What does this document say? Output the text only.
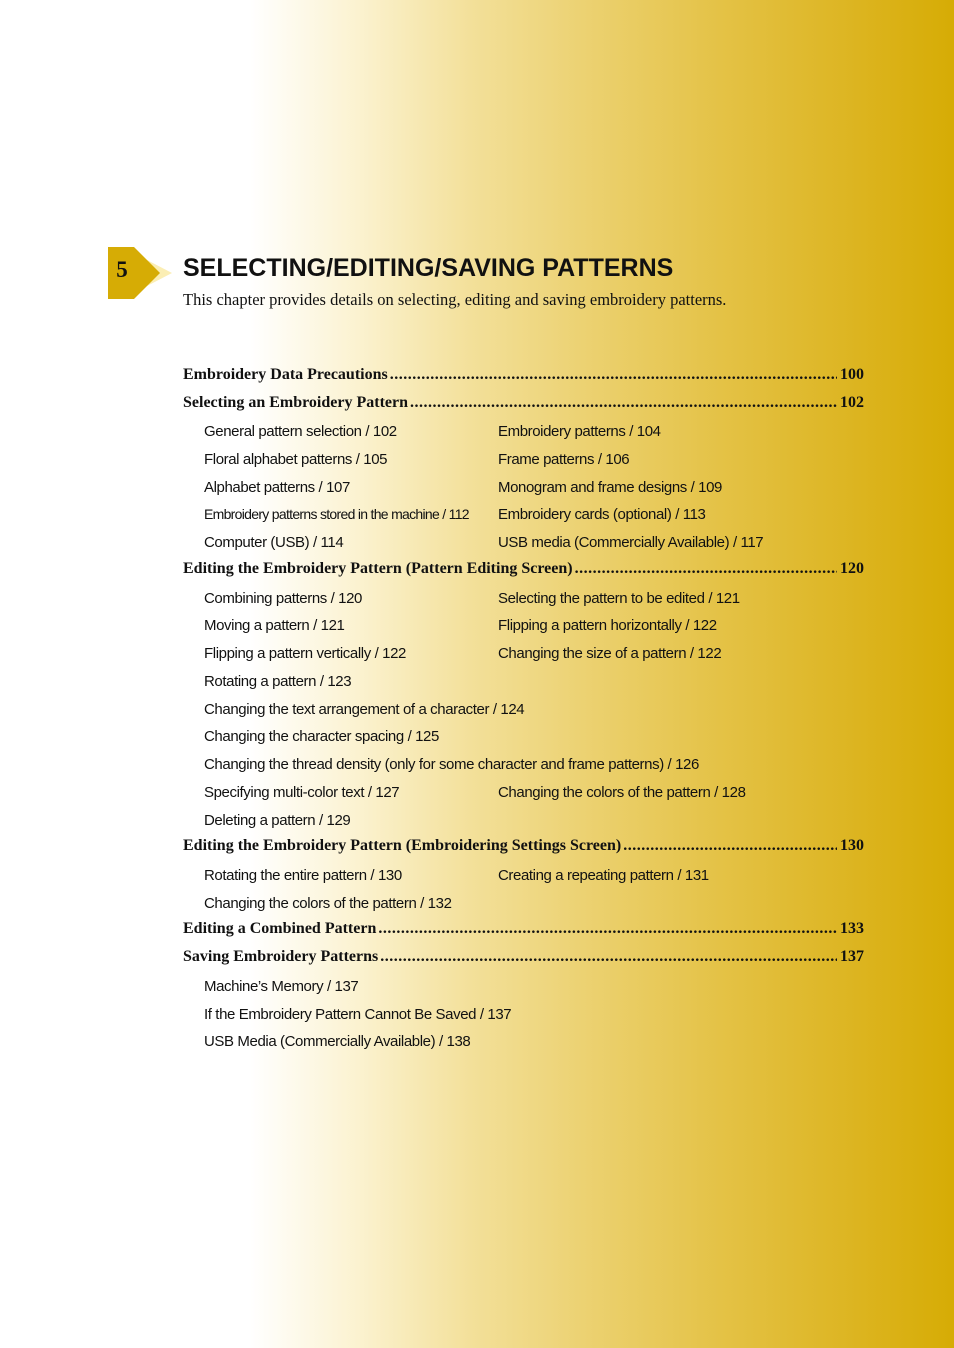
5	SELECTING/EDITING/SAVING PATTERNS

This chapter provides details on selecting, editing and saving embroidery patterns.

Embroidery Data Precautions .....	100
Selecting an Embroidery Pattern .....	102
General pattern selection / 102	Embroidery patterns / 104
Floral alphabet patterns / 105	Frame patterns / 106
Alphabet patterns / 107	Monogram and frame designs / 109
Embroidery patterns stored in the machine / 112 Embroidery cards (optional) / 113
Computer (USB) / 114	USB media (Commercially Available) / 117
Editing the Embroidery Pattern (Pattern Editing Screen) .....	120
Combining patterns / 120	Selecting the pattern to be edited / 121
Moving a pattern / 121	Flipping a pattern horizontally / 122
Flipping a pattern vertically / 122	Changing the size of a pattern / 122
Rotating a pattern / 123
Changing the text arrangement of a character / 124
Changing the character spacing / 125
Changing the thread density (only for some character and frame patterns) / 126
Specifying multi-color text / 127	Changing the colors of the pattern / 128
Deleting a pattern / 129
Editing the Embroidery Pattern (Embroidering Settings Screen) .....	130
Rotating the entire pattern / 130	Creating a repeating pattern / 131
Changing the colors of the pattern / 132
Editing a Combined Pattern .....	133
Saving Embroidery Patterns .....	137
Machine’s Memory / 137
If the Embroidery Pattern Cannot Be Saved / 137
USB Media (Commercially Available) / 138
